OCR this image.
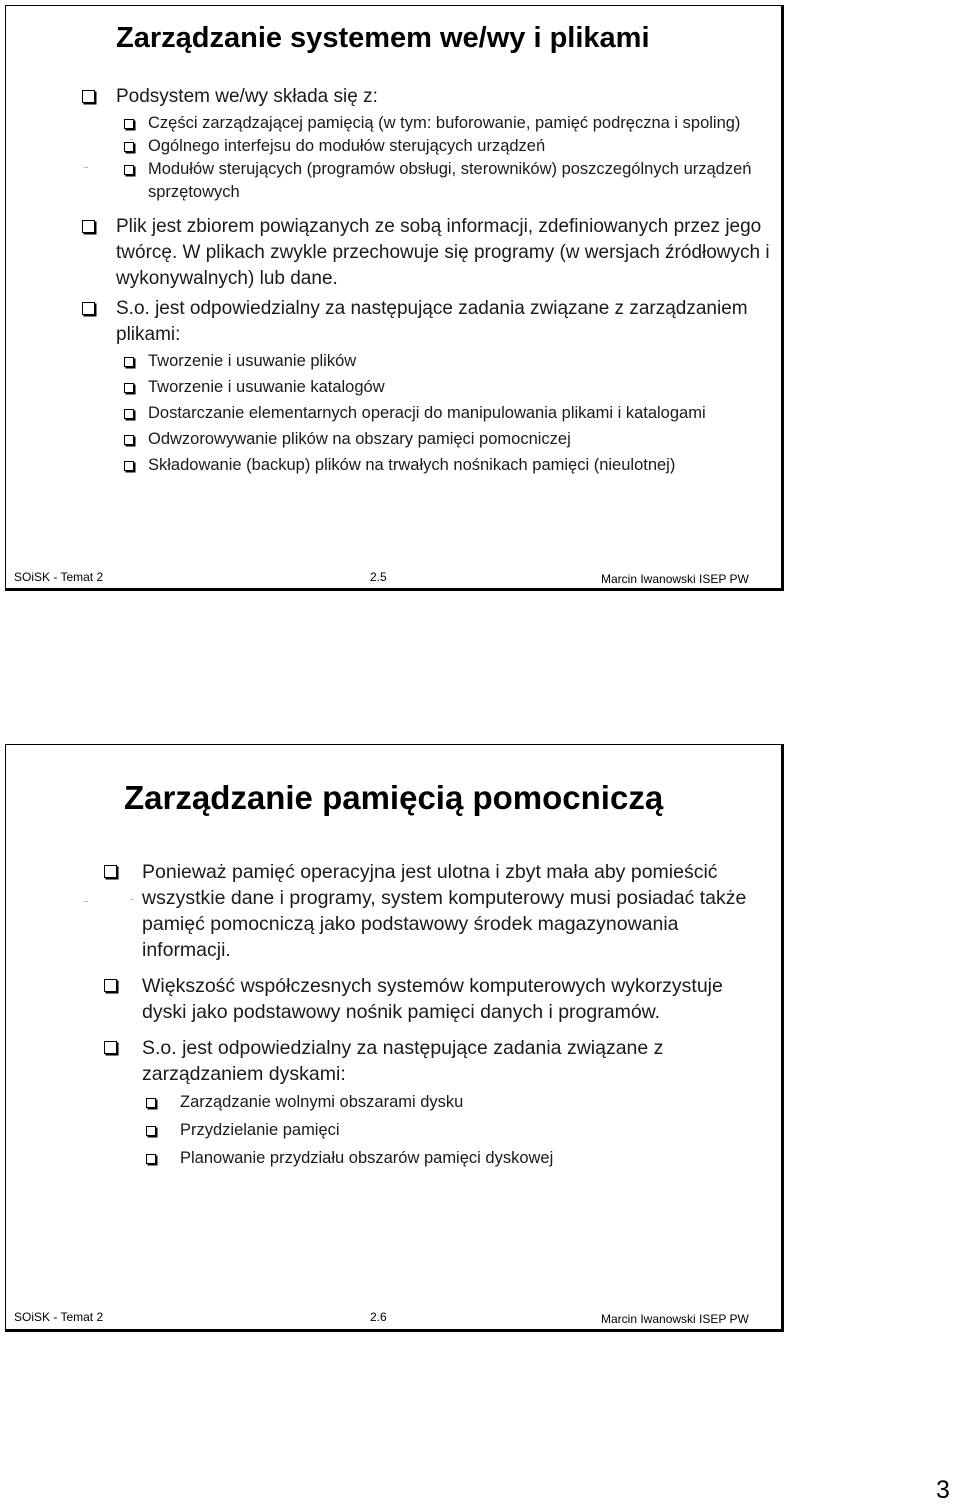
Zarządzanie systemem we/wy i plikami
Podsystem we/wy składa się z:
Części zarządzającej pamięcią (w tym: buforowanie, pamięć podręczna i spoling)
Ogólnego interfejsu do modułów sterujących urządzeń
Modułów sterujących (programów obsługi, sterowników) poszczególnych urządzeń sprzętowych
Plik jest zbiorem powiązanych ze sobą informacji, zdefiniowanych przez jego twórcę. W plikach zwykle przechowuje się programy (w wersjach źródłowych i wykonywalnych) lub dane.
S.o. jest odpowiedzialny za następujące zadania związane z zarządzaniem plikami:
Tworzenie i usuwanie plików
Tworzenie i usuwanie katalogów
Dostarczanie elementarnych operacji do manipulowania plikami i katalogami
Odwzorowywanie plików na obszary pamięci pomocniczej
Składowanie (backup) plików na trwałych nośnikach pamięci (nieulotnej)
SOiSK - Temat 2	2.5	Marcin Iwanowski ISEP PW
Zarządzanie pamięcią pomocniczą
Ponieważ pamięć operacyjna jest ulotna i zbyt mała aby pomieścić wszystkie dane i programy, system komputerowy musi posiadać także pamięć pomocniczą jako podstawowy środek magazynowania informacji.
Większość współczesnych systemów komputerowych wykorzystuje dyski jako podstawowy nośnik pamięci danych i programów.
S.o. jest odpowiedzialny za następujące zadania związane z zarządzaniem dyskami:
Zarządzanie wolnymi obszarami dysku
Przydzielanie pamięci
Planowanie przydziału obszarów pamięci dyskowej
SOiSK - Temat 2	2.6	Marcin Iwanowski ISEP PW
3
